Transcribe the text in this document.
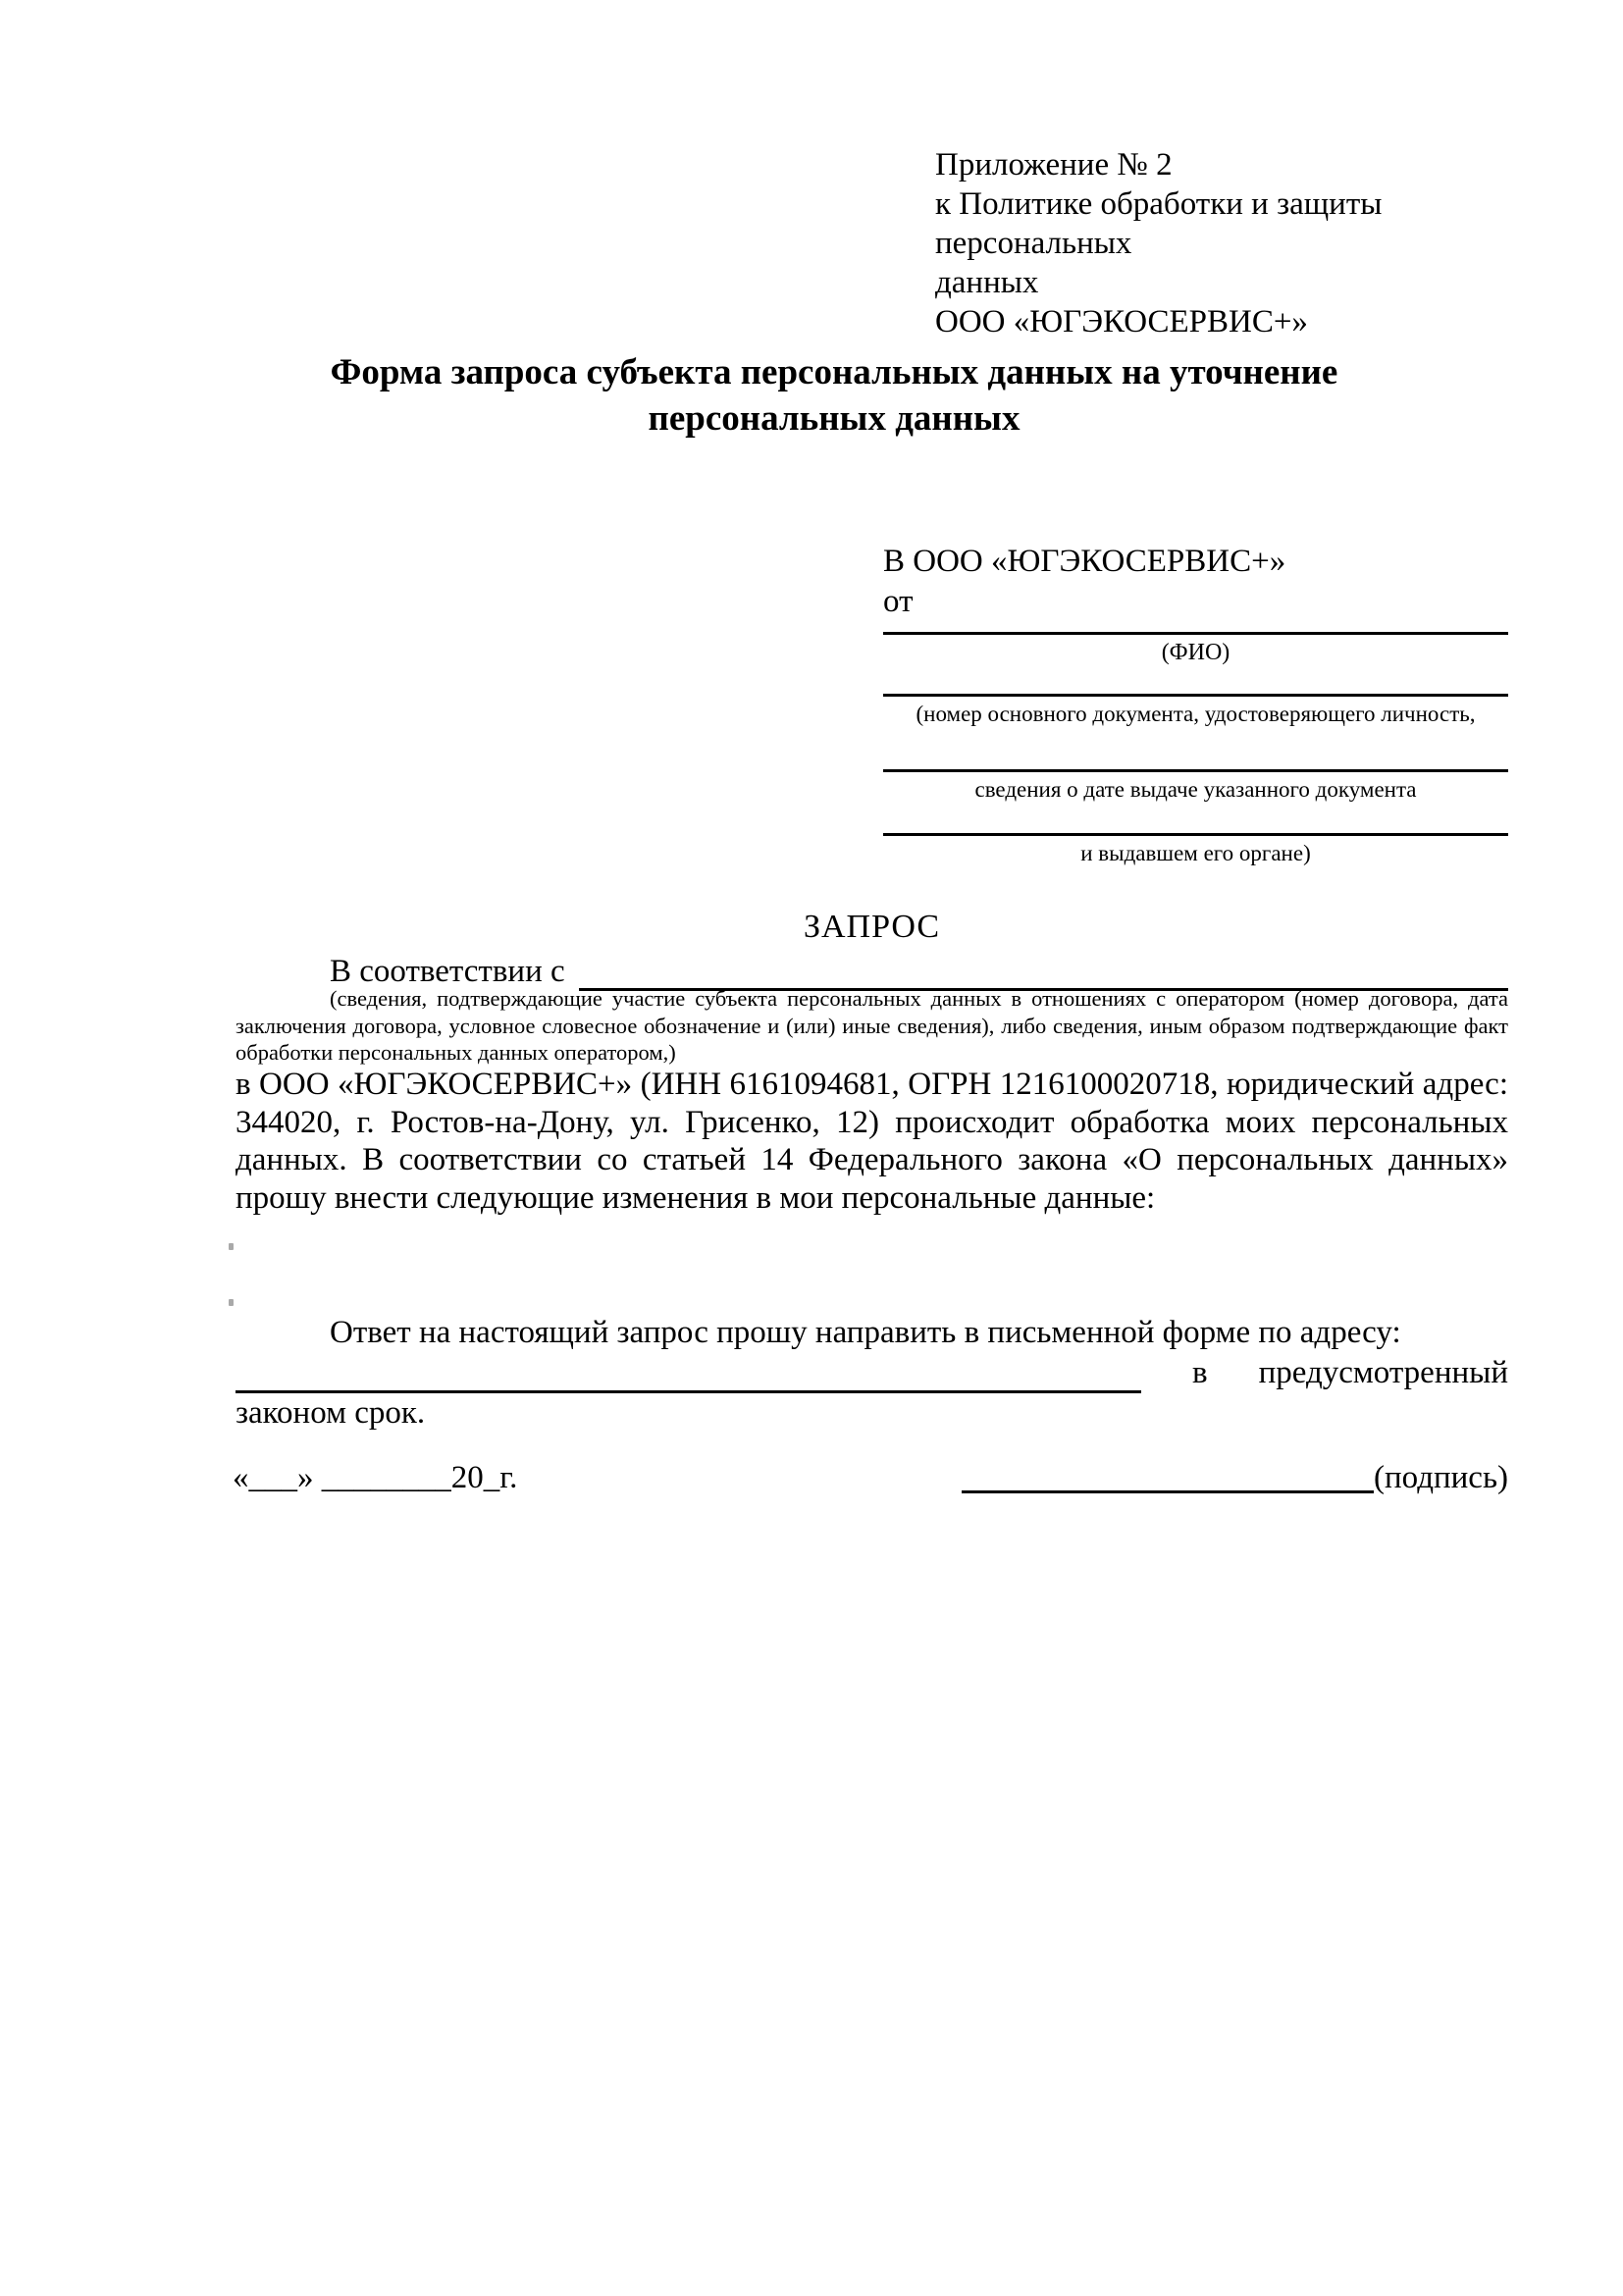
Приложение № 2
к Политике обработки и защиты персональных
данных
ООО «ЮГЭКОСЕРВИС+»
Форма запроса субъекта персональных данных на уточнение
персональных данных
В ООО «ЮГЭКОСЕРВИС+»
от
(ФИО)
(номер основного документа, удостоверяющего личность,
сведения о дате выдаче указанного документа
и выдавшем его органе)
ЗАПРОС
В соответствии с
(сведения, подтверждающие участие субъекта персональных данных в отношениях с оператором (номер договора, дата
заключения договора, условное словесное обозначение и (или) иные сведения), либо сведения, иным образом подтверждающие факт
обработки персональных данных оператором,)
в ООО «ЮГЭКОСЕРВИС+» (ИНН 6161094681, ОГРН 1216100020718, юридический адрес:
344020, г. Ростов-на-Дону, ул. Грисенко, 12) происходит обработка моих персональных
данных. В соответствии со статьей 14 Федерального закона «О персональных данных»
прошу внести следующие изменения в мои персональные данные:
Ответ на настоящий запрос прошу направить в письменной форме по адресу:
в предусмотренный
законом срок.
«___» ________20_г.	(подпись)
